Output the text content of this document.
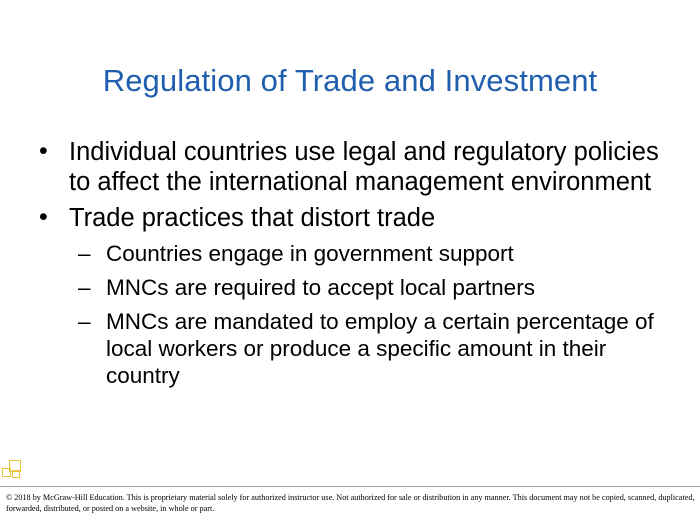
Regulation of Trade and Investment
• Individual countries use legal and regulatory policies to affect the international management environment
• Trade practices that distort trade
– Countries engage in government support
– MNCs are required to accept local partners
– MNCs are mandated to employ a certain percentage of local workers or produce a specific amount in their country
© 2018 by McGraw-Hill Education. This is proprietary material solely for authorized instructor use. Not authorized for sale or distribution in any manner. This document may not be copied, scanned, duplicated, forwarded, distributed, or posted on a website, in whole or part.
